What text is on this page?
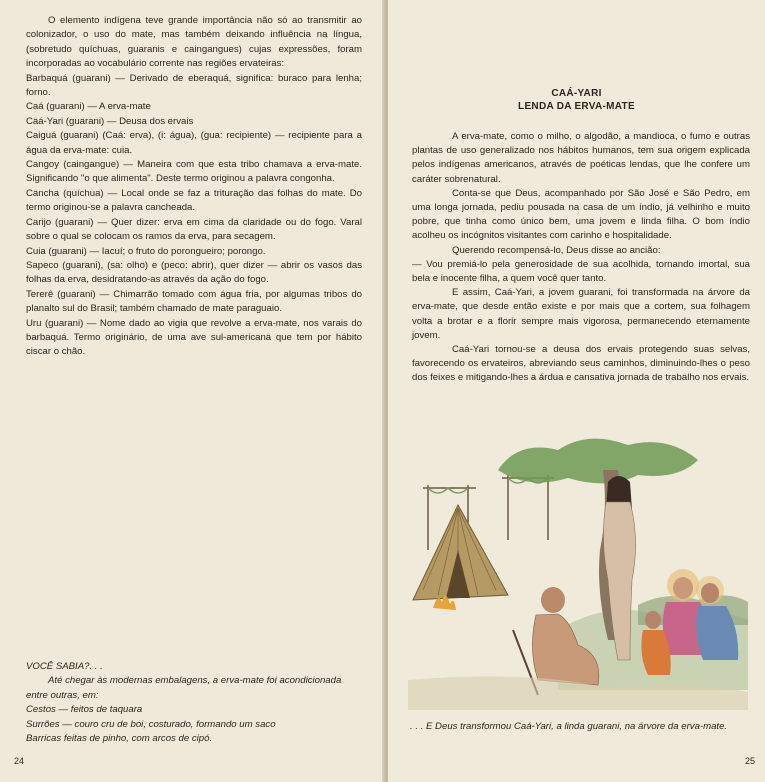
O elemento indígena teve grande importância não só ao transmitir ao colonizador, o uso do mate, mas também deixando influência na língua, (sobretudo quíchuas, guaranis e caingangues) cujas expressões, foram incorporadas ao vocabulário corrente nas regiões ervateiras:

Barbaquá (guarani) — Derivado de eberaquá, significa: buraco para lenha; forno.

Caá (guarani) — A erva-mate

Caá-Yari (guarani) — Deusa dos ervais

Caiguá (guarani) (Caá: erva), (i: água), (gua: recipiente) — recipiente para a água da erva-mate: cuia.

Cangoy (caingangue) — Maneira com que esta tribo chamava a erva-mate. Significando "o que alimenta". Deste termo originou a palavra congonha.

Cancha (quíchua) — Local onde se faz a trituração das folhas do mate. Do termo originou-se a palavra cancheada.

Carijo (guarani) — Quer dizer: erva em cima da claridade ou do fogo. Varal sobre o qual se colocam os ramos da erva, para secagem.

Cuia (guarani) — Iacuí; o fruto do porongueiro; porongo.

Sapeco (guarani), (sa: olho) e (peco: abrir), quer dizer — abrir os vasos das folhas da erva, desidratando-as através da ação do fogo.

Tererê (guarani) — Chimarrão tomado com água fria, por algumas tribos do planalto sul do Brasil; também chamado de mate paraguaio.

Uru (guarani) — Nome dado ao vigia que revolve a erva-mate, nos varais do barbaquá. Termo originário, de uma ave sul-americana que tem por hábito ciscar o chão.

VOCÊ SABIA?. . .

Até chegar às modernas embalagens, a erva-mate foi acondicionada entre outras, em:

Cestos — feitos de taquara

Surrões — couro cru de boi, costurado, formando um saco

Barricas feitas de pinho, com arcos de cipó.

24
CAÁ-YARI
LENDA DA ERVA-MATE

A erva-mate, como o milho, o algodão, a mandioca, o fumo e outras plantas de uso generalizado nos hábitos humanos, tem sua origem explicada pelos indígenas americanos, através de poéticas lendas, que lhe confere um caráter sobrenatural.

Conta-se que Deus, acompanhado por São José e São Pedro, em uma longa jornada, pediu pousada na casa de um índio, já velhinho e muito pobre, que tinha como único bem, uma jovem e linda filha. O bom índio acolheu os incógnitos visitantes com carinho e hospitalidade.

Querendo recompensá-lo, Deus disse ao ancião:

— Vou premiá-lo pela generosidade de sua acolhida, tornando imortal, sua bela e inocente filha, a quem você quer tanto.

E assim, Caá-Yari, a jovem guarani, foi transformada na árvore da erva-mate, que desde então existe e por mais que a cortem, sua folhagem volta a brotar e a florir sempre mais vigorosa, permanecendo eternamente jovem.

Caá-Yari tornou-se a deusa dos ervais protegendo suas selvas, favorecendo os ervateiros, abreviando seus caminhos, diminuindo-lhes o peso dos feixes e mitigando-lhes a árdua e cansativa jornada de trabalho nos ervais.

. . . E Deus transformou Caá-Yari, a linda guarani, na árvore da erva-mate.
25
